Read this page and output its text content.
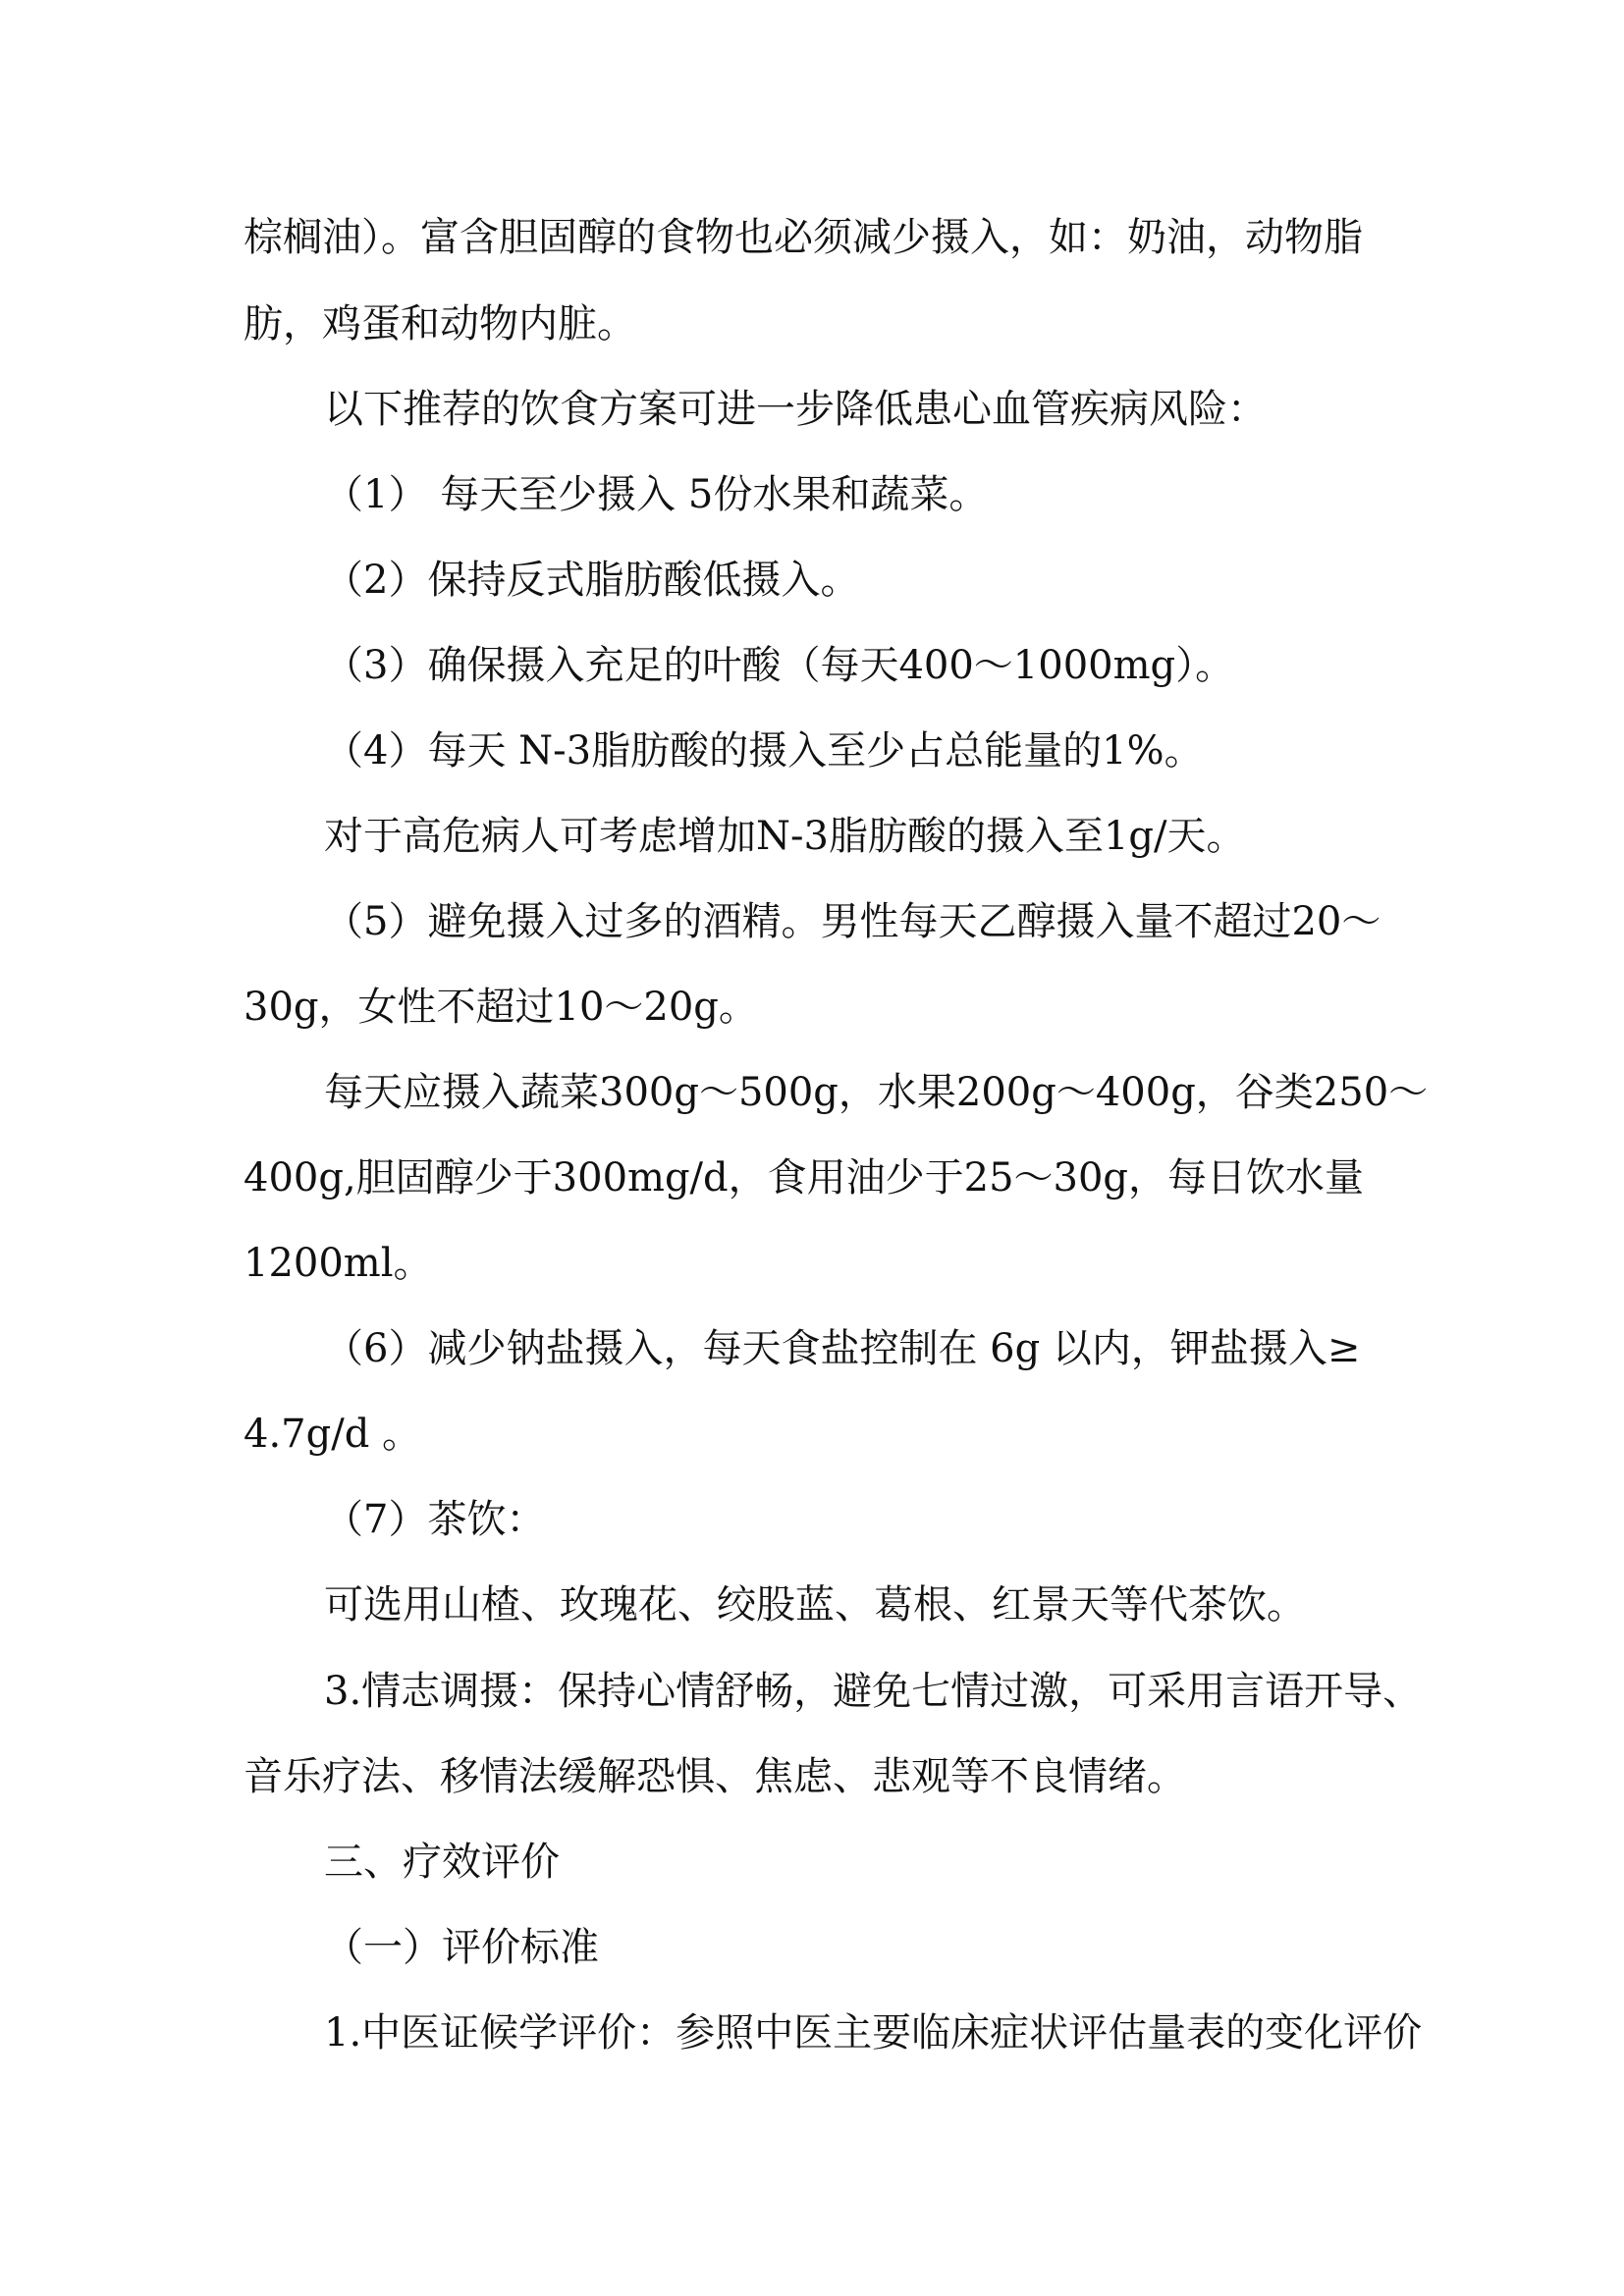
棕榈油）。富含胆固醇的食物也必须减少摄入，如：奶油，动物脂
肪，鸡蛋和动物内脏。
以下推荐的饮食方案可进一步降低患心血管疾病风险：
（1） 每天至少摄入 5份水果和蔬菜。
（2）保持反式脂肪酸低摄入。
（3）确保摄入充足的叶酸（每天400～1000mg）。
（4）每天 N-3脂肪酸的摄入至少占总能量的1%。
对于高危病人可考虑增加N-3脂肪酸的摄入至1g/天。
（5）避免摄入过多的酒精。男性每天乙醇摄入量不超过20～
30g，女性不超过10～20g。
每天应摄入蔬菜300g～500g，水果200g～400g，谷类250～
400g,胆固醇少于300mg/d，食用油少于25～30g，每日饮水量
1200ml。
（6）减少钠盐摄入，每天食盐控制在 6g 以内，钾盐摄入≥
4.7g/d 。
（7）茶饮：
可选用山楂、玫瑰花、绞股蓝、葛根、红景天等代茶饮。
3.情志调摄：保持心情舒畅，避免七情过激，可采用言语开导、
音乐疗法、移情法缓解恐惧、焦虑、悲观等不良情绪。
三、疗效评价
（一）评价标准
1.中医证候学评价：参照中医主要临床症状评估量表的变化评价
